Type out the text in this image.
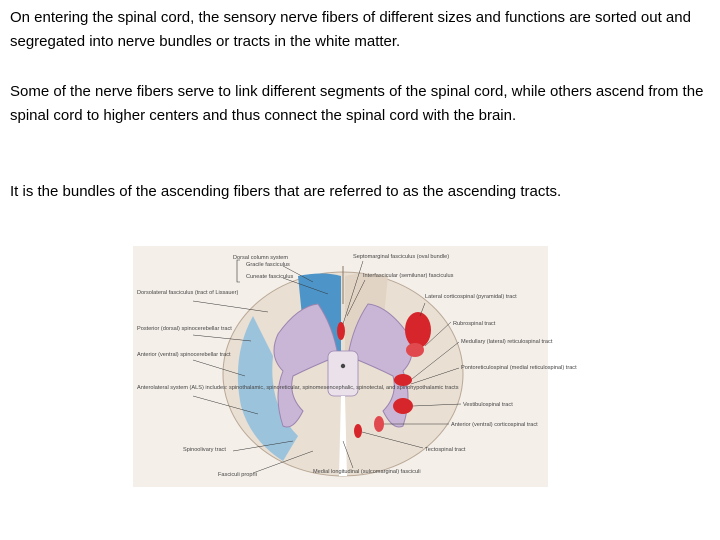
On entering the spinal cord, the sensory nerve fibers of different sizes and functions are sorted out and segregated into nerve bundles or tracts in the white matter.

Some of the nerve fibers serve to link different segments of the spinal cord, while others ascend from the spinal cord to higher centers and thus connect the spinal cord with the brain.

It is the bundles of the ascending fibers that are referred to as the ascending tracts.

Dorsal column system
Gracile fasciculus
Cuneate fasciculus
Dorsolateral fasciculus (tract of Lissauer)
Posterior (dorsal) spinocerebellar tract
Anterior (ventral) spinocerebellar tract
Anterolateral system (ALS) includes: spinothalamic, spinoreticular, spinomesencephalic, spinotectal, and spinohypothalamic tracts
Spinoolivary tract
Fasciculi proprii
Septomarginal fasciculus (oval bundle)
Interfascicular (semilunar) fasciculus
Lateral corticospinal (pyramidal) tract
Rubrospinal tract
Medullary (lateral) reticulospinal tract
Pontoreticulospinal (medial reticulospinal) tract
Vestibulospinal tract
Anterior (ventral) corticospinal tract
Tectospinal tract
Medial longitudinal (sulcomarginal) fasciculi
